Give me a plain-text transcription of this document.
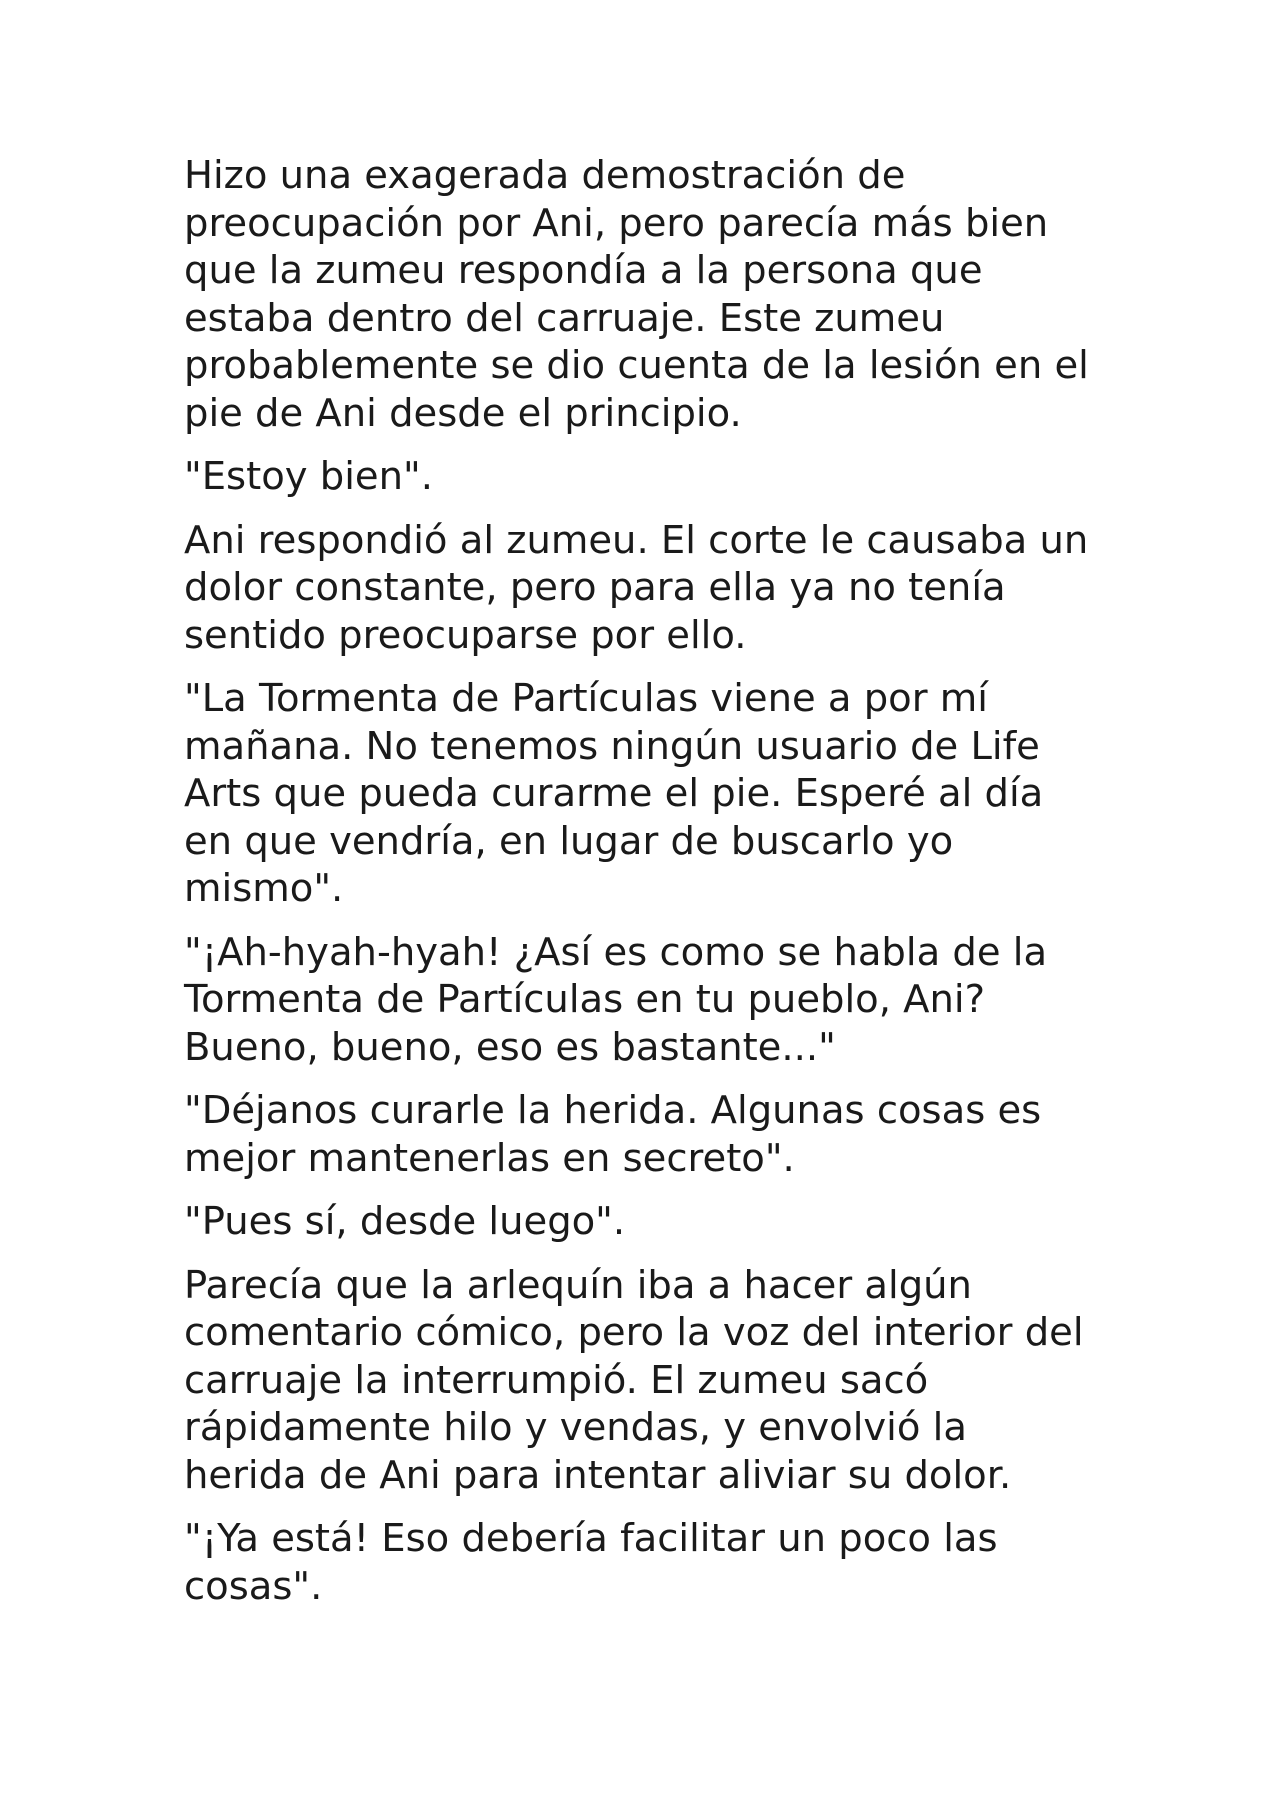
Hizo una exagerada demostración de
preocupación por Ani, pero parecía más bien
que la zumeu respondía a la persona que
estaba dentro del carruaje. Este zumeu
probablemente se dio cuenta de la lesión en el
pie de Ani desde el principio.

"Estoy bien".

Ani respondió al zumeu. El corte le causaba un
dolor constante, pero para ella ya no tenía
sentido preocuparse por ello.

"La Tormenta de Partículas viene a por mí
mañana. No tenemos ningún usuario de Life
Arts que pueda curarme el pie. Esperé al día
en que vendría, en lugar de buscarlo yo
mismo".

"¡Ah-hyah-hyah! ¿Así es como se habla de la
Tormenta de Partículas en tu pueblo, Ani?
Bueno, bueno, eso es bastante..."

"Déjanos curarle la herida. Algunas cosas es
mejor mantenerlas en secreto".

"Pues sí, desde luego".

Parecía que la arlequín iba a hacer algún
comentario cómico, pero la voz del interior del
carruaje la interrumpió. El zumeu sacó
rápidamente hilo y vendas, y envolvió la
herida de Ani para intentar aliviar su dolor.

"¡Ya está! Eso debería facilitar un poco las
cosas".
